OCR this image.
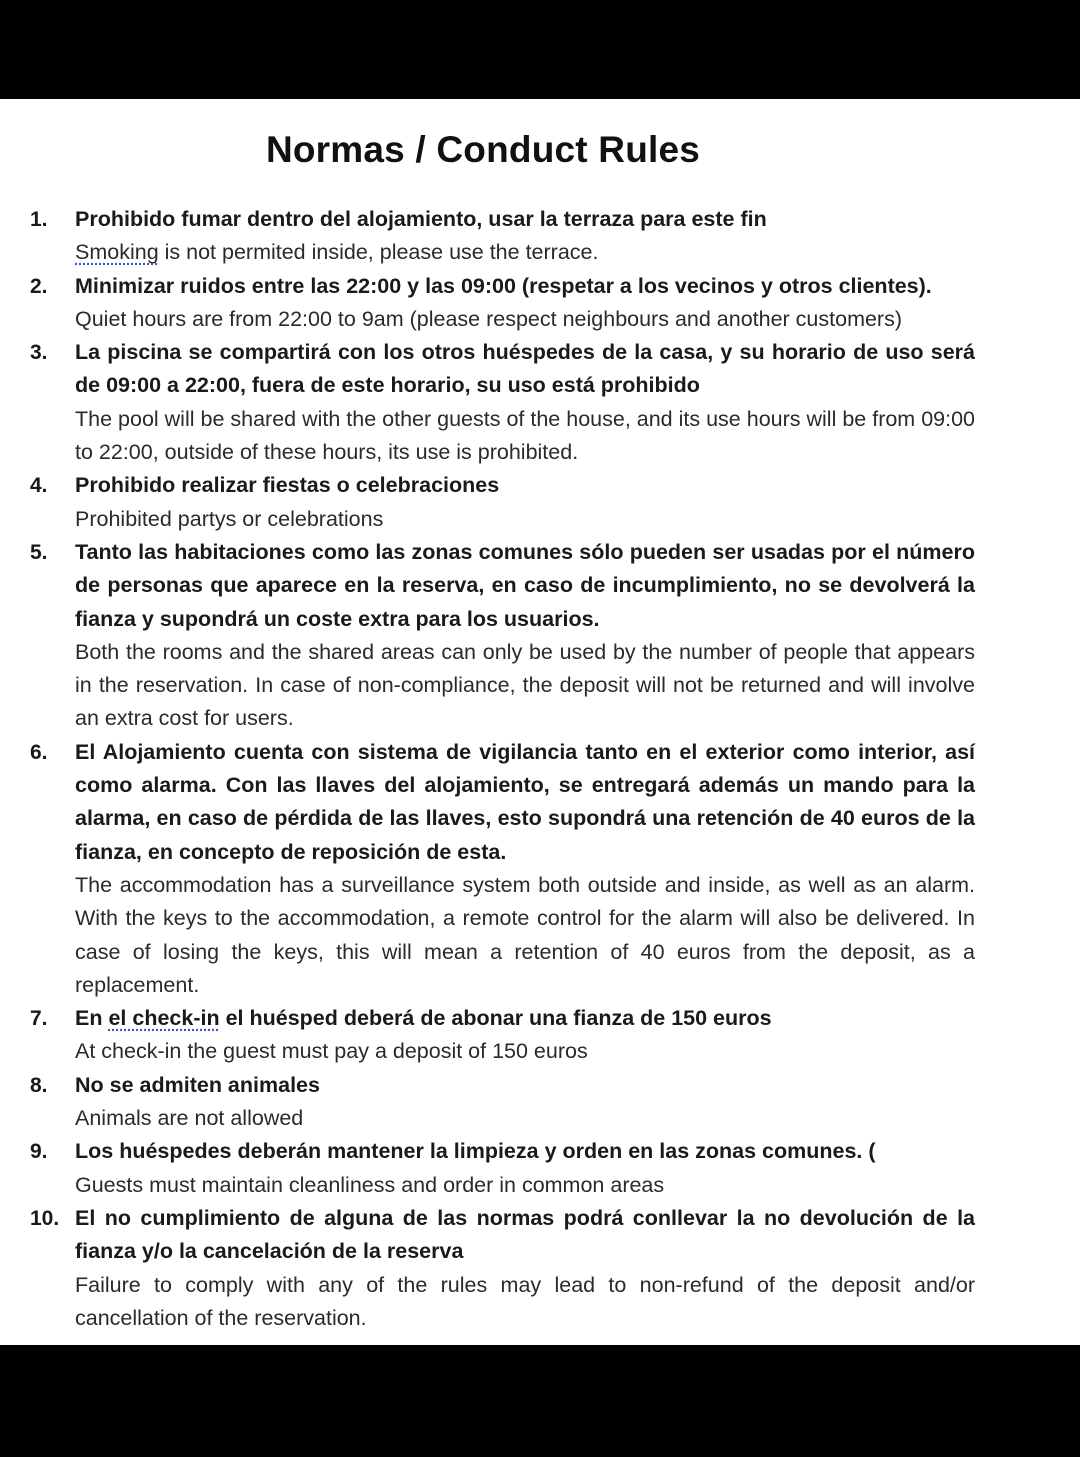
Normas / Conduct Rules
1. Prohibido fumar dentro del alojamiento, usar la terraza para este fin
Smoking is not permited inside, please use the terrace.
2. Minimizar ruidos entre las 22:00 y las 09:00 (respetar a los vecinos y otros clientes).
Quiet hours are from 22:00 to 9am (please respect neighbours and another customers)
3. La piscina se compartirá con los otros huéspedes de la casa, y su horario de uso será de 09:00 a 22:00, fuera de este horario, su uso está prohibido
The pool will be shared with the other guests of the house, and its use hours will be from 09:00 to 22:00, outside of these hours, its use is prohibited.
4. Prohibido realizar fiestas o celebraciones
Prohibited partys or celebrations
5. Tanto las habitaciones como las zonas comunes sólo pueden ser usadas por el número de personas que aparece en la reserva, en caso de incumplimiento, no se devolverá la fianza y supondrá un coste extra para los usuarios.
Both the rooms and the shared areas can only be used by the number of people that appears in the reservation. In case of non-compliance, the deposit will not be returned and will involve an extra cost for users.
6. El Alojamiento cuenta con sistema de vigilancia tanto en el exterior como interior, así como alarma. Con las llaves del alojamiento, se entregará además un mando para la alarma, en caso de pérdida de las llaves, esto supondrá una retención de 40 euros de la fianza, en concepto de reposición de esta.
The accommodation has a surveillance system both outside and inside, as well as an alarm. With the keys to the accommodation, a remote control for the alarm will also be delivered. In case of losing the keys, this will mean a retention of 40 euros from the deposit, as a replacement.
7. En el check-in el huésped deberá de abonar una fianza de 150 euros
At check-in the guest must pay a deposit of 150 euros
8. No se admiten animales
Animals are not allowed
9. Los huéspedes deberán mantener la limpieza y orden en las zonas comunes. (
Guests must maintain cleanliness and order in common areas
10. El no cumplimiento de alguna de las normas podrá conllevar la no devolución de la fianza y/o la cancelación de la reserva
Failure to comply with any of the rules may lead to non-refund of the deposit and/or cancellation of the reservation.
